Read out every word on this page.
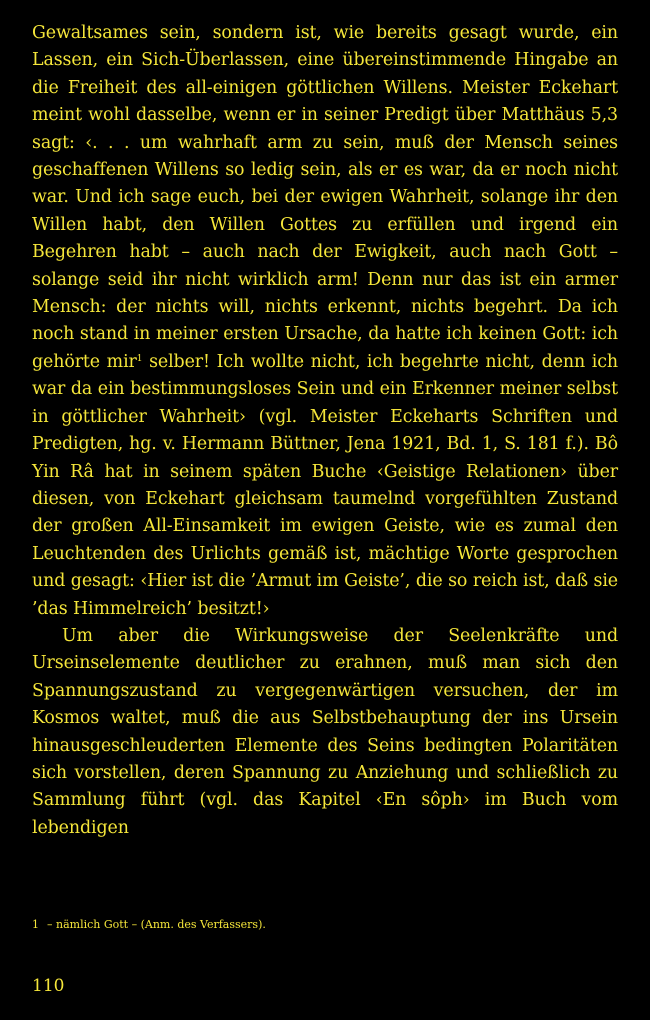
Gewaltsames sein, sondern ist, wie bereits gesagt wurde, ein Lassen, ein Sich-Überlassen, eine übereinstimmende Hingabe an die Freiheit des all-einigen göttlichen Willens. Meister Eckehart meint wohl dasselbe, wenn er in seiner Predigt über Matthäus 5,3 sagt: ‹. . . um wahrhaft arm zu sein, muß der Mensch seines geschaffenen Willens so ledig sein, als er es war, da er noch nicht war. Und ich sage euch, bei der ewigen Wahrheit, solange ihr den Willen habt, den Willen Gottes zu erfüllen und irgend ein Begehren habt – auch nach der Ewigkeit, auch nach Gott – solange seid ihr nicht wirklich arm! Denn nur das ist ein armer Mensch: der nichts will, nichts erkennt, nichts begehrt. Da ich noch stand in meiner ersten Ursache, da hatte ich keinen Gott: ich gehörte mir$^1$ selber! Ich wollte nicht, ich begehrte nicht, denn ich war da ein bestimmungsloses Sein und ein Erkenner meiner selbst in göttlicher Wahrheit› (vgl. Meister Eckeharts Schriften und Predigten, hg. v. Hermann Büttner, Jena 1921, Bd. 1, S. 181 f.). Bô Yin Râ hat in seinem späten Buche ‹Geistige Relationen› über diesen, von Eckehart gleichsam taumelnd vorgefühlten Zustand der großen All-Einsamkeit im ewigen Geiste, wie es zumal den Leuchtenden des Urlichts gemäß ist, mächtige Worte gesprochen und gesagt: ‹Hier ist die ’Armut im Geiste’, die so reich ist, daß sie ’das Himmelreich’ besitzt!›

Um aber die Wirkungsweise der Seelenkräfte und Urseinselemente deutlicher zu erahnen, muß man sich den Spannungszustand zu vergegenwärtigen versuchen, der im Kosmos waltet, muß die aus Selbstbehauptung der ins Ursein hinausgeschleuderten Elemente des Seins bedingten Polaritäten sich vorstellen, deren Spannung zu Anziehung und schließlich zu Sammlung führt (vgl. das Kapitel ‹En sôph› im Buch vom lebendigen

1 – nämlich Gott – (Anm. des Verfassers).
110
